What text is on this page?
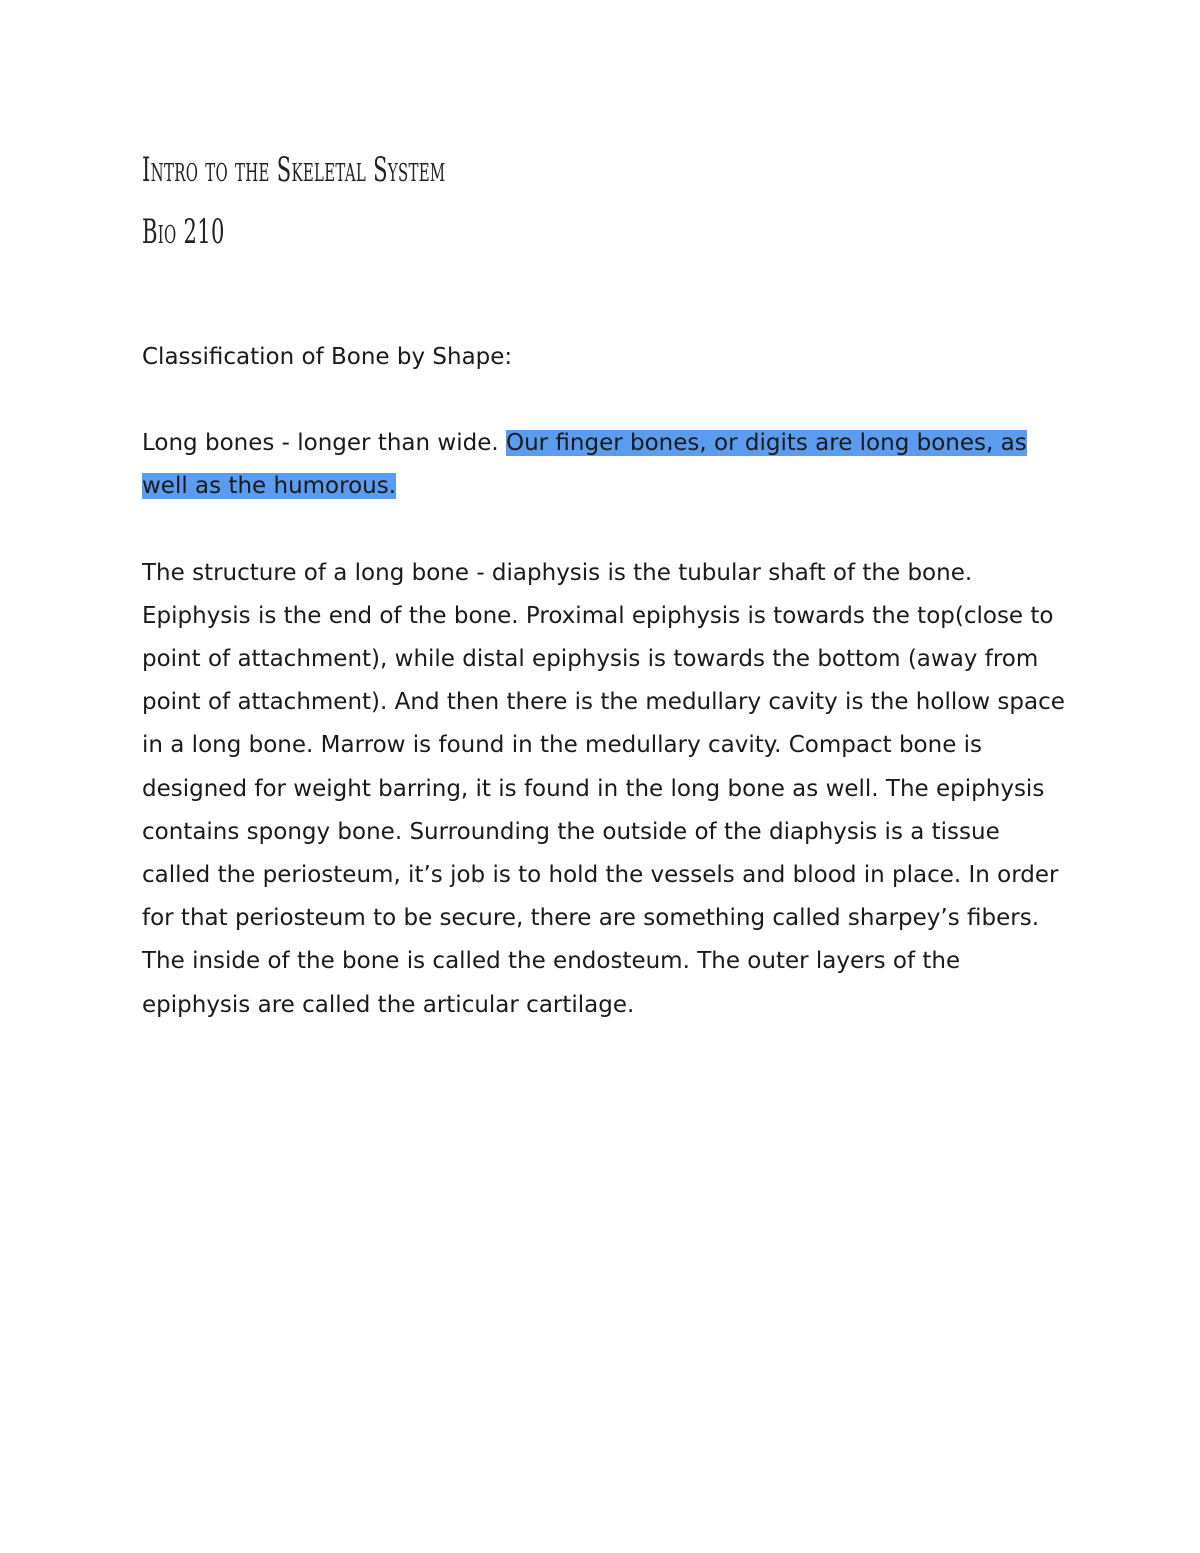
Intro to the Skeletal System
Bio 210

Classification of Bone by Shape:

Long bones - longer than wide. Our finger bones, or digits are long bones, as well as the humorous.

The structure of a long bone - diaphysis is the tubular shaft of the bone. Epiphysis is the end of the bone. Proximal epiphysis is towards the top(close to point of attachment), while distal epiphysis is towards the bottom (away from point of attachment). And then there is the medullary cavity is the hollow space in a long bone. Marrow is found in the medullary cavity. Compact bone is designed for weight barring, it is found in the long bone as well. The epiphysis contains spongy bone. Surrounding the outside of the diaphysis is a tissue called the periosteum, it’s job is to hold the vessels and blood in place. In order for that periosteum to be secure, there are something called sharpey’s fibers. The inside of the bone is called the endosteum. The outer layers of the epiphysis are called the articular cartilage.
